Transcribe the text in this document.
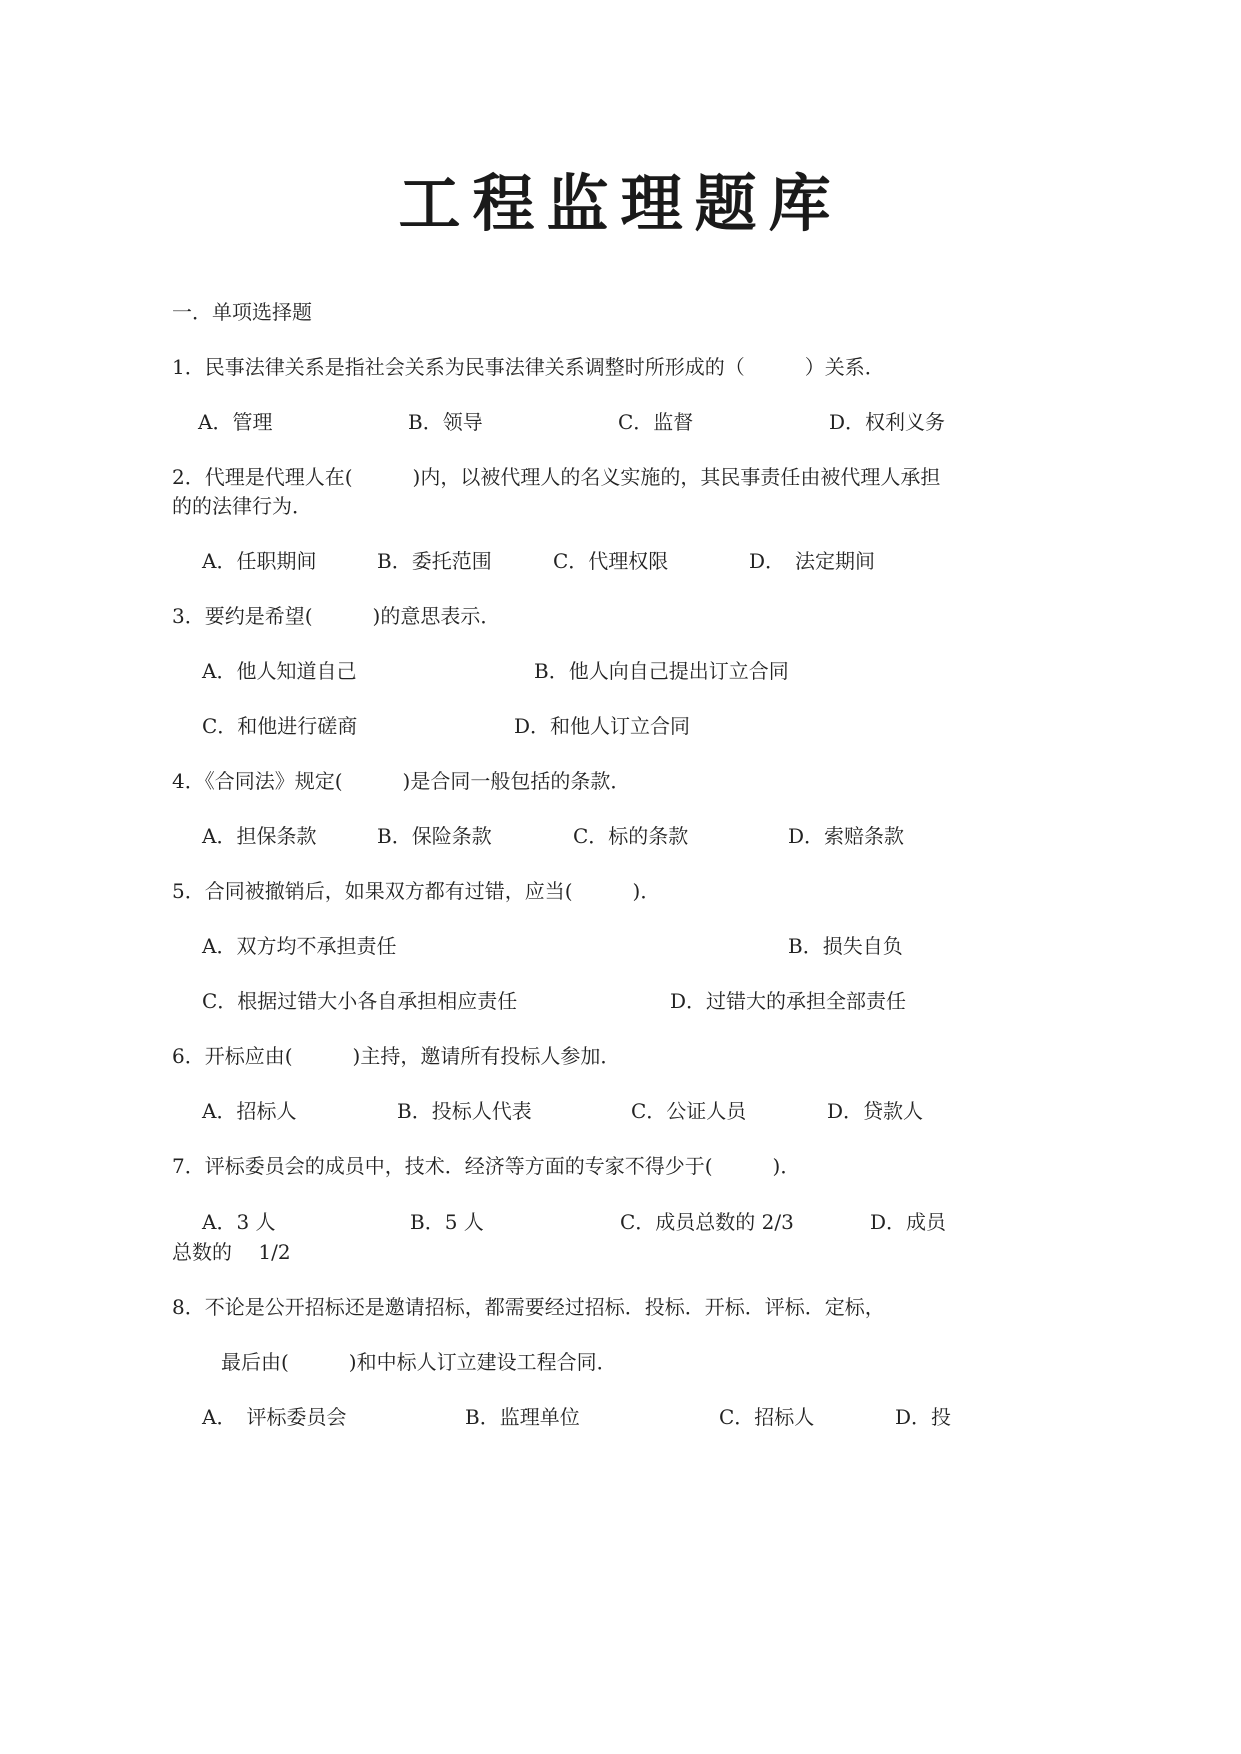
工程监理题库
一．单项选择题
1．民事法律关系是指社会关系为民事法律关系调整时所形成的（　　　）关系．
A．管理	B．领导	C．监督	D．权利义务
2．代理是代理人在(　　　)内，以被代理人的名义实施的，其民事责任由被代理人承担
的的法律行为．
A．任职期间	B．委托范围	C．代理权限	D．　法定期间
3．要约是希望(　　　)的意思表示．
A．他人知道自己	B．他人向自己提出订立合同
C．和他进行磋商	D．和他人订立合同
4．《合同法》规定(　　　)是合同一般包括的条款．
A．担保条款	B．保险条款	C．标的条款	D．索赔条款
5．合同被撤销后，如果双方都有过错，应当(　　　)．
A．双方均不承担责任	B．损失自负
C．根据过错大小各自承担相应责任	D．过错大的承担全部责任
6．开标应由(　　　)主持，邀请所有投标人参加．
A．招标人	B．投标人代表	C．公证人员	D．贷款人
7．评标委员会的成员中，技术．经济等方面的专家不得少于(　　　)．
A．3 人	B．5 人	C．成员总数的 2/3	D．成员
总数的　 1/2
8．不论是公开招标还是邀请招标，都需要经过招标．投标．开标．评标．定标，
最后由(　　　)和中标人订立建设工程合同．
A．　评标委员会	B．监理单位	C．招标人	D．投
